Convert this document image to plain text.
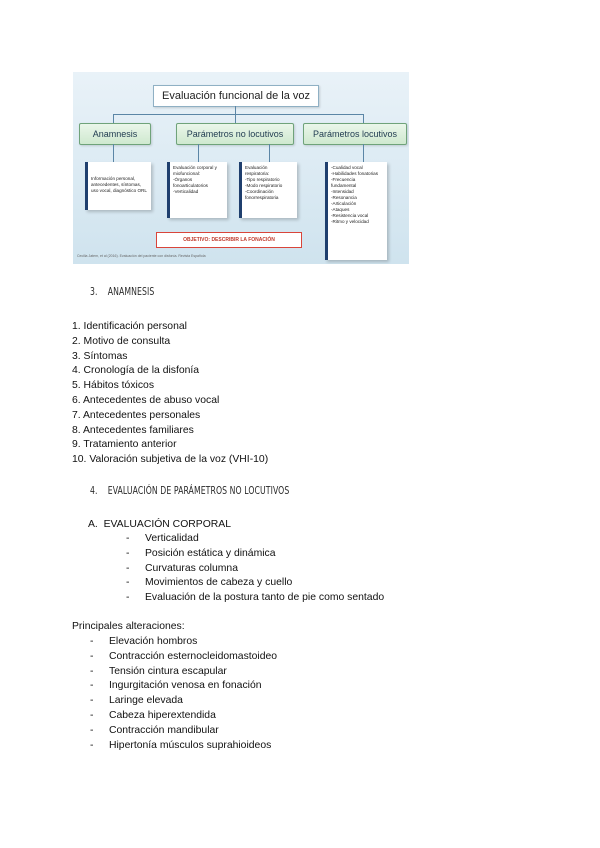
Evaluación funcional de la voz
Anamnesis	Parámetros no locutivos	Parámetros locutivos
Información personal,
antecedentes, síntomas,
uso vocal, diagnóstico ORL
Evaluación corporal y
miofuncional:
-Órganos
fonoarticulatorios
-Verticalidad
Evaluación
respiratoria:
-Tipo respiratorio
-Modo respiratorio
-Coordinación
fonorrespiratoria
-Cualidad vocal
-Habilidades fonatorias
-Frecuencia
fundamental
-Intensidad
-Resonancia
-Articulación
-Ataques
-Resistencia vocal
-Ritmo y velocidad
OBJETIVO: DESCRIBIR LA FONACIÓN
Cecilia Jatem, et al (2016). Evaluación del paciente con disfonía. Revista Española
3.    ANAMNESIS
1. Identificación personal
2. Motivo de consulta
3. Síntomas
4. Cronología de la disfonía
5. Hábitos tóxicos
6. Antecedentes de abuso vocal
7. Antecedentes personales
8. Antecedentes familiares
9. Tratamiento anterior
10. Valoración subjetiva de la voz (VHI-10)
4.    EVALUACIÓN DE PARÁMETROS NO LOCUTIVOS
A.  EVALUACIÓN CORPORAL
- Verticalidad
- Posición estática y dinámica
- Curvaturas columna
- Movimientos de cabeza y cuello
- Evaluación de la postura tanto de pie como sentado
Principales alteraciones:
- Elevación hombros
- Contracción esternocleidomastoideo
- Tensión cintura escapular
- Ingurgitación venosa en fonación
- Laringe elevada
- Cabeza hiperextendida
- Contracción mandibular
- Hipertonía músculos suprahioideos
